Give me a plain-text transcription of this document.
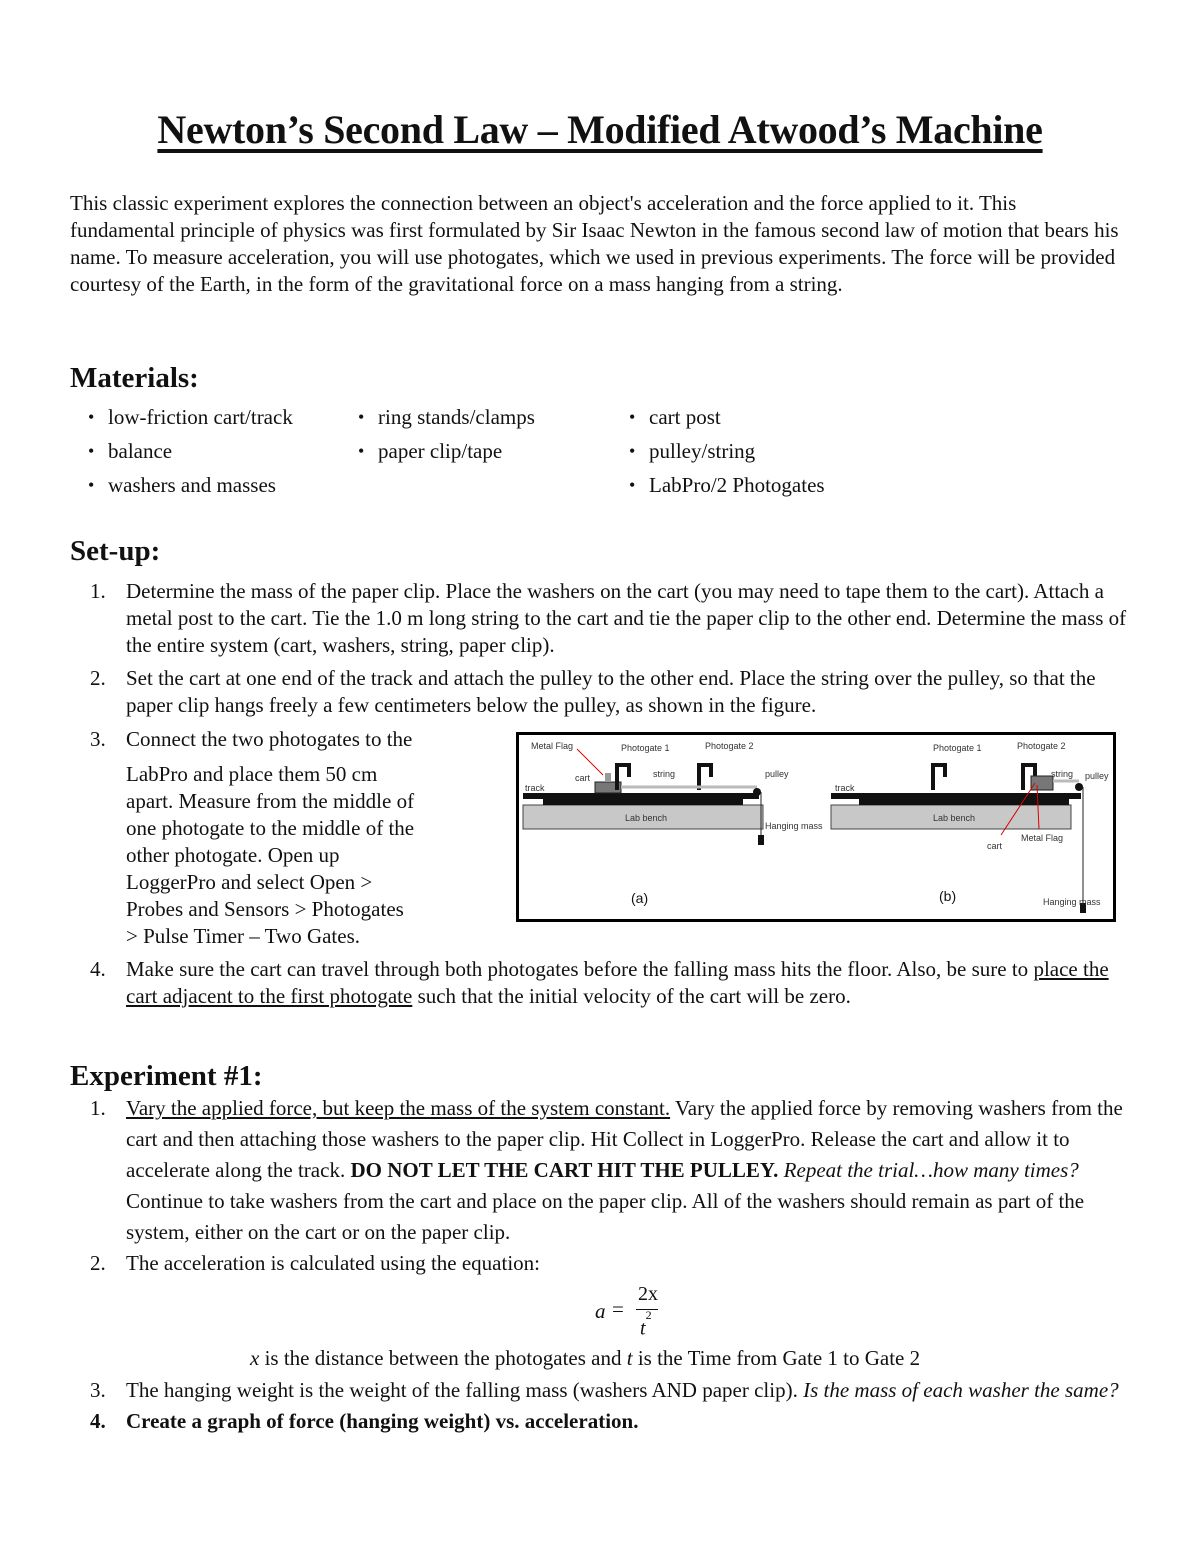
Newton’s Second Law – Modified Atwood’s Machine

This classic experiment explores the connection between an object's acceleration and the force applied to it. This fundamental principle of physics was first formulated by Sir Isaac Newton in the famous second law of motion that bears his name. To measure acceleration, you will use photogates, which we used in previous experiments. The force will be provided courtesy of the Earth, in the form of the gravitational force on a mass hanging from a string.

Materials:
• low-friction cart/track
• balance
• washers and masses
• ring stands/clamps
• paper clip/tape
• cart post
• pulley/string
• LabPro/2 Photogates
Set-up:
1. Determine the mass of the paper clip. Place the washers on the cart (you may need to tape them to the cart). Attach a metal post to the cart. Tie the 1.0 m long string to the cart and tie the paper clip to the other end. Determine the mass of the entire system (cart, washers, string, paper clip).
2. Set the cart at one end of the track and attach the pulley to the other end. Place the string over the pulley, so that the paper clip hangs freely a few centimeters below the pulley, as shown in the figure.
3. Connect the two photogates to the
LabPro and place them 50 cm apart. Measure from the middle of one photogate to the middle of the other photogate. Open up LoggerPro and select Open > Probes and Sensors > Photogates > Pulse Timer – Two Gates.
4. Make sure the cart can travel through both photogates before the falling mass hits the floor. Also, be sure to place the cart adjacent to the first photogate such that the initial velocity of the cart will be zero.
Metal Flag	Photogate 1	Photogate 2
cart	string	pulley
track
Lab bench
Hanging mass
(a)
Photogate 1	Photogate 2
string pulley
track
Lab bench
cart
Metal Flag
Hanging mass
(b)
Experiment #1:
1. Vary the applied force, but keep the mass of the system constant. Vary the applied force by removing washers from the cart and then attaching those washers to the paper clip. Hit Collect in LoggerPro. Release the cart and allow it to accelerate along the track. DO NOT LET THE CART HIT THE PULLEY. Repeat the trial…how many times? Continue to take washers from the cart and place on the paper clip. All of the washers should remain as part of the system, either on the cart or on the paper clip.
2. The acceleration is calculated using the equation:
a =
2x
$t^2$
x is the distance between the photogates and t is the Time from Gate 1 to Gate 2
3. The hanging weight is the weight of the falling mass (washers AND paper clip). Is the mass of each washer the same?
4. Create a graph of force (hanging weight) vs. acceleration.
